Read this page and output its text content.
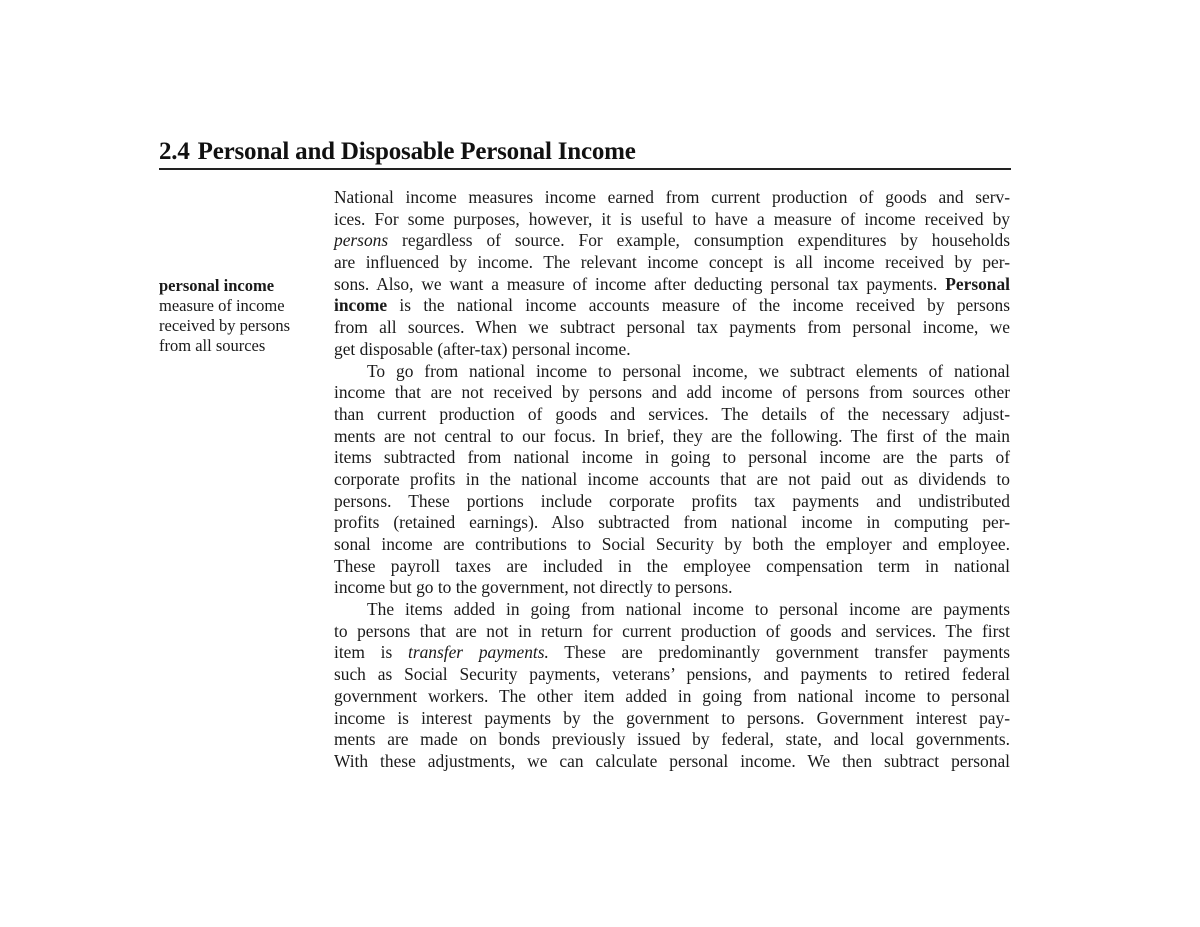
2.4 Personal and Disposable Personal Income
personal income
measure of income
received by persons
from all sources
National income measures income earned from current production of goods and serv-
ices. For some purposes, however, it is useful to have a measure of income received by
persons regardless of source. For example, consumption expenditures by households
are influenced by income. The relevant income concept is all income received by per-
sons. Also, we want a measure of income after deducting personal tax payments. Personal
income is the national income accounts measure of the income received by persons
from all sources. When we subtract personal tax payments from personal income, we
get disposable (after-tax) personal income.
To go from national income to personal income, we subtract elements of national
income that are not received by persons and add income of persons from sources other
than current production of goods and services. The details of the necessary adjust-
ments are not central to our focus. In brief, they are the following. The first of the main
items subtracted from national income in going to personal income are the parts of
corporate profits in the national income accounts that are not paid out as dividends to
persons. These portions include corporate profits tax payments and undistributed
profits (retained earnings). Also subtracted from national income in computing per-
sonal income are contributions to Social Security by both the employer and employee.
These payroll taxes are included in the employee compensation term in national
income but go to the government, not directly to persons.
The items added in going from national income to personal income are payments
to persons that are not in return for current production of goods and services. The first
item is transfer payments. These are predominantly government transfer payments
such as Social Security payments, veterans’ pensions, and payments to retired federal
government workers. The other item added in going from national income to personal
income is interest payments by the government to persons. Government interest pay-
ments are made on bonds previously issued by federal, state, and local governments.
With these adjustments, we can calculate personal income. We then subtract personal
